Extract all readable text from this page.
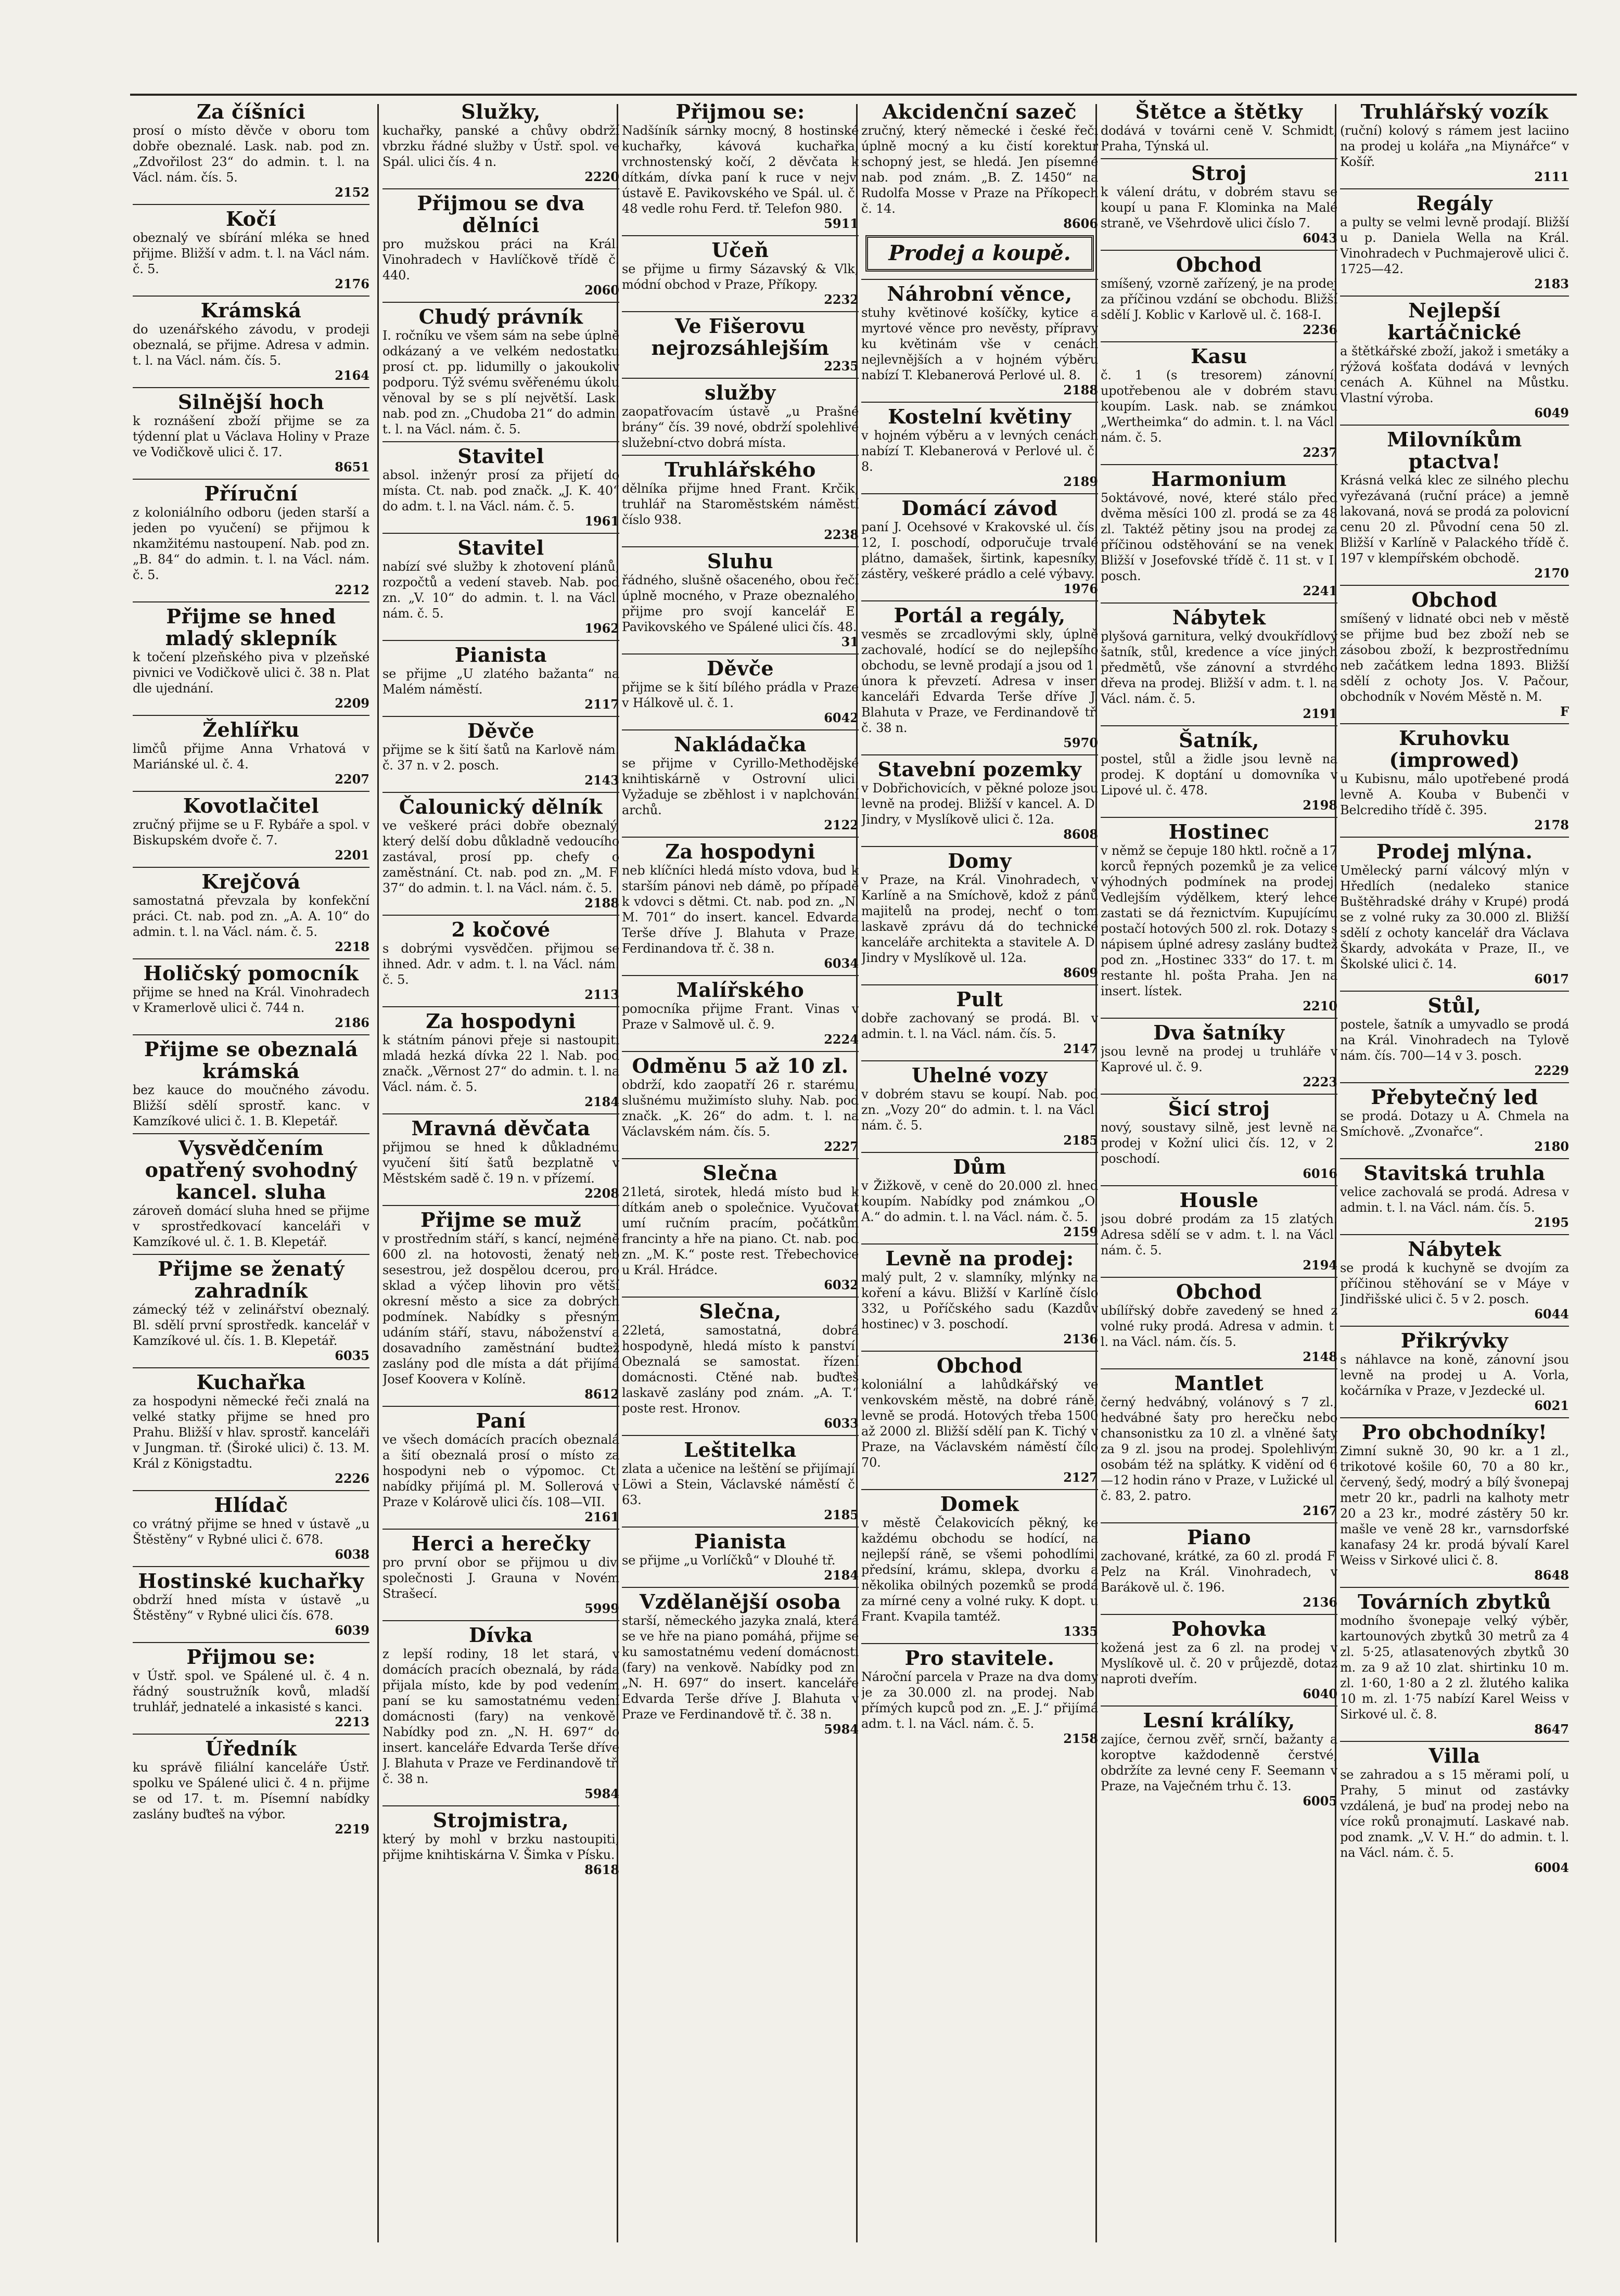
Za číšníci
prosí o místo děvče v oboru tom dobře obeznalé. Lask. nab. pod zn. „Zdvořilost 23“ do admin. t. l. na Václ. nám. čís. 5.
2152
Kočí
obeznalý ve sbírání mléka se hned přijme. Bližší v adm. t. l. na Václ nám. č. 5.
2176
Krámská
do uzenářského závodu, v prodeji obeznalá, se přijme. Adresa v admin. t. l. na Václ. nám. čís. 5.
2164
Silnější hoch
k roznášení zboží přijme se za týdenní plat u Václava Holiny v Praze ve Vodičkově ulici č. 17.
8651
Příruční
z koloniálního odboru (jeden starší a jeden po vyučení) se přijmou k nkamžitému nastoupení. Nab. pod zn. „B. 84“ do admin. t. l. na Václ. nám. č. 5.
2212
Přijme se hned mladý sklepník
k točení plzeňského piva v plzeňské pivnici ve Vodičkově ulici č. 38 n. Plat dle ujednání.
2209
Žehlířku
limčů přijme Anna Vrhatová v Mariánské ul. č. 4.
2207
Kovotlačitel
zručný přijme se u F. Rybáře a spol. v Biskupském dvoře č. 7.
2201
Krejčová
samostatná převzala by konfekční práci. Ct. nab. pod zn. „A. A. 10“ do admin. t. l. na Václ. nám. č. 5.
2218
Holičský pomocník
přijme se hned na Král. Vinohradech v Kramerlově ulici č. 744 n.
2186
Přijme se obeznalá krámská
bez kauce do moučného závodu. Bližší sdělí sprostř. kanc. v Kamzíkové ulici č. 1. B. Klepetář.
Vysvědčením opatřený svohodný kancel. sluha
zároveň domácí sluha hned se přijme v sprostředkovací kanceláři v Kamzíkové ul. č. 1. B. Klepetář.
Přijme se ženatý zahradník
zámecký též v zelinářství obeznalý. Bl. sdělí první sprostředk. kancelář v Kamzíkové ul. čís. 1. B. Klepetář.
6035
Kuchařka
za hospodyni německé řeči znalá na velké statky přijme se hned pro Prahu. Bližší v hlav. sprostř. kanceláři v Jungman. tř. (Široké ulici) č. 13. M. Král z Königstadtu.
2226
Hlídač
co vrátný přijme se hned v ústavě „u Štěstěny“ v Rybné ulici č. 678.
6038
Hostinské kuchařky
obdrží hned místa v ústavě „u Štěstěny“ v Rybné ulici čís. 678.
6039
Přijmou se:
v Ústř. spol. ve Spálené ul. č. 4 n. řádný soustružník kovů, mladší truhlář, jednatelé a inkasisté s kanci.
2213
Úředník
ku správě filiální kanceláře Ústř. spolku ve Spálené ulici č. 4 n. přijme se od 17. t. m. Písemní nabídky zaslány buďteš na výbor.
2219
Služky,
kuchařky, panské a chůvy obdrží vbrzku řádné služby v Ústř. spol. ve Spál. ulici čís. 4 n.
2220
Přijmou se dva dělníci
pro mužskou práci na Král. Vinohradech v Havlíčkově třídě č. 440.
2060
Chudý právník
I. ročníku ve všem sám na sebe úplně odkázaný a ve velkém nedostatku prosí ct. pp. lidumilly o jakoukoliv podporu. Týž svému svěřenému úkolu věnoval by se s plí největší. Lask. nab. pod zn. „Chudoba 21“ do admin. t. l. na Václ. nám. č. 5.
Stavitel
absol. inženýr prosí za přijetí do místa. Ct. nab. pod značk. „J. K. 40“ do adm. t. l. na Václ. nám. č. 5.
1961
Stavitel
nabízí své služby k zhotovení plánů, rozpočtů a vedení staveb. Nab. pod zn. „V. 10“ do admin. t. l. na Václ. nám. č. 5.
1962
Pianista
se přijme „U zlatého bažanta“ na Malém náměstí.
2117
Děvče
přijme se k šití šatů na Karlově nám. č. 37 n. v 2. posch.
2143
Čalounický dělník
ve veškeré práci dobře obeznalý, který delší dobu důkladně vedoucího zastával, prosí pp. chefy o zaměstnání. Ct. nab. pod zn. „M. F. 37“ do admin. t. l. na Václ. nám. č. 5.
2188
2 kočové
s dobrými vysvědčen. přijmou se ihned. Adr. v adm. t. l. na Václ. nám. č. 5.
2113
Za hospodyni
k státním pánovi přeje si nastoupiti mladá hezká dívka 22 l. Nab. pod značk. „Věrnost 27“ do admin. t. l. na Václ. nám. č. 5.
2184
Mravná děvčata
přijmou se hned k důkladnému vyučení šití šatů bezplatně v Městském sadě č. 19 n. v přízemí.
2208
Přijme se muž
v prostředním stáří, s kancí, nejméně 600 zl. na hotovosti, ženatý neb sesestrou, jež dospělou dcerou, pro sklad a výčep lihovin pro větší okresní město a sice za dobrých podmínek. Nabídky s přesným udáním stáří, stavu, náboženství a dosavadního zaměstnání budtež zaslány pod dle místa a dát přijímá Josef Koovera v Kolíně.
8612
Paní
ve všech domácích pracích obeznalá a šití obeznalá prosí o místo za hospodyni neb o výpomoc. Ct. nabídky přijímá pl. M. Sollerová v Praze v Kolárově ulici čís. 108—VII.
2161
Herci a herečky
pro první obor se přijmou u div. společnosti J. Grauna v Novém Strašecí.
5999
Dívka
z lepší rodiny, 18 let stará, v domácích pracích obeznalá, by ráda přijala místo, kde by pod vedením paní se ku samostatnému vedení domácnosti (fary) na venkově. Nabídky pod zn. „N. H. 697“ do insert. kanceláře Edvarda Terše dříve J. Blahuta v Praze ve Ferdinandově tř. č. 38 n.
5984
Strojmistra,
který by mohl v brzku nastoupiti, přijme knihtiskárna V. Šimka v Písku.
8618
Přijmou se:
Nadšíník sárnky mocný, 8 hostinské kuchařky, kávová kuchařka, vrchnostenský kočí, 2 děvčata k dítkám, dívka paní k ruce v nejv. ústavě E. Pavikovského ve Spál. ul. č. 48 vedle rohu Ferd. tř. Telefon 980.
5911
Učeň
se přijme u firmy Sázavský & Vlk, módní obchod v Praze, Příkopy.
2232
Ve Fišerovu nejrozsáhlejším
2235
služby
zaopatřovacím ústavě „u Prašné brány“ čís. 39 nové, obdrží spolehlivé služební-ctvo dobrá místa.
Truhlářského
dělníka přijme hned Frant. Krčik, truhlář na Staroměstském náměstí číslo 938.
2238
Sluhu
řádného, slušně ošaceného, obou řečí úplně mocného, v Praze obeznalého, přijme pro svojí kancelář E. Pavikovského ve Spálené ulici čís. 48.
31
Děvče
přijme se k šití bílého prádla v Praze v Hálkově ul. č. 1.
6042
Nakládačka
se přijme v Cyrillo-Methodějské knihtiskárně v Ostrovní ulici. Vyžaduje se zběhlost i v naplchování archů.
2122
Za hospodyni
neb klíčníci hledá místo vdova, bud k starším pánovi neb dámě, po případě k vdovci s dětmi. Ct. nab. pod zn. „N. M. 701“ do insert. kancel. Edvarda Terše dříve J. Blahuta v Praze, Ferdinandova tř. č. 38 n.
6034
Malířského
pomocníka přijme Frant. Vinas v Praze v Salmově ul. č. 9.
2224
Odměnu 5 až 10 zl.
obdrží, kdo zaopatří 26 r. starému, slušnému mužimísto sluhy. Nab. pod značk. „K. 26“ do adm. t. l. na Václavském nám. čís. 5.
2227
Slečna
21letá, sirotek, hledá místo bud k dítkám aneb o společnice. Vyučovat umí ručním pracím, počátkům francinty a hře na piano. Ct. nab. pod zn. „M. K.“ poste rest. Třebechovice u Král. Hrádce.
6032
Slečna,
22letá, samostatná, dobrá hospodyně, hledá místo k panství. Obeznalá se samostat. řízení domácnosti. Ctěné nab. buďteš laskavě zaslány pod znám. „A. T.“ poste rest. Hronov.
6033
Leštitelka
zlata a učenice na leštění se přijímají. Löwi a Stein, Václavské náměstí č. 63.
2185
Pianista
se přijme „u Vorlíčků“ v Dlouhé tř.
2184
Vzdělanější osoba
starší, německého jazyka znalá, která se ve hře na piano pomáhá, přijme se ku samostatnému vedení domácnosti (fary) na venkově. Nabídky pod zn. „N. H. 697“ do insert. kanceláře Edvarda Terše dříve J. Blahuta v Praze ve Ferdinandově tř. č. 38 n.
5984
Akcidenční sazeč
zručný, který německé i české řeči úplně mocný a ku čistí korektur schopný jest, se hledá. Jen písemné nab. pod znám. „B. Z. 1450“ na Rudolfa Mosse v Praze na Příkopech č. 14.
8606
Prodej a koupě.
Náhrobní věnce,
stuhy květinové košíčky, kytice a myrtové věnce pro nevěsty, přípravy ku květinám vše v cenách nejlevnějších a v hojném výběru nabízí T. Klebanerová Perlové ul. 8.
2188
Kostelní květiny
v hojném výběru a v levných cenách nabízí T. Klebanerová v Perlové ul. č. 8.
2189
Domácí závod
paní J. Ocehsové v Krakovské ul. čís. 12, I. poschodí, odporučuje trvalé plátno, damašek, širtink, kapesníky, zástěry, veškeré prádlo a celé výbavy.
1976
Portál a regály,
vesměs se zrcadlovými skly, úplně zachovalé, hodící se do nejlepšího obchodu, se levně prodají a jsou od 1. února k převzetí. Adresa v inser. kanceláři Edvarda Terše dříve J. Blahuta v Praze, ve Ferdinandově tř. č. 38 n.
5970
Stavební pozemky
v Dobřichovicích, v pěkné poloze jsou levně na prodej. Bližší v kancel. A. D. Jindry, v Myslíkově ulici č. 12a.
8608
Domy
v Praze, na Král. Vinohradech, v Karlíně a na Smíchově, kdož z pánů majitelů na prodej, nechť o tom laskavě zprávu dá do technické kanceláře architekta a stavitele A. D. Jindry v Myslíkově ul. 12a.
8609
Pult
dobře zachovaný se prodá. Bl. v admin. t. l. na Václ. nám. čís. 5.
2147
Uhelné vozy
v dobrém stavu se koupí. Nab. pod zn. „Vozy 20“ do admin. t. l. na Václ. nám. č. 5.
2185
Dům
v Žižkově, v ceně do 20.000 zl. hned koupím. Nabídky pod známkou „O. A.“ do admin. t. l. na Václ. nám. č. 5.
2159
Levně na prodej:
malý pult, 2 v. slamníky, mlýnky na koření a kávu. Bližší v Karlíně číslo 332, u Poříčského sadu (Kazdův hostinec) v 3. poschodí.
2136
Obchod
koloniální a lahůdkářský ve venkovském městě, na dobré ráně, levně se prodá. Hotových třeba 1500 až 2000 zl. Bližší sdělí pan K. Tichý v Praze, na Václavském náměstí čílo 70.
2127
Domek
v městě Čelakovicích pěkný, ke každému obchodu se hodící, na nejlepší ráně, se všemi pohodlími, předsíní, krámu, sklepa, dvorku a několika obilných pozemků se prodá za mírné ceny a volné ruky. K dopt. u Frant. Kvapila tamtéž.
1335
Pro stavitele.
Nároční parcela v Praze na dva domy je za 30.000 zl. na prodej. Nab. přímých kupců pod zn. „E. J.“ přijímá adm. t. l. na Václ. nám. č. 5.
2158
Štětce a štětky
dodává v továrni ceně V. Schmidt, Praha, Týnská ul.
Stroj
k válení drátu, v dobrém stavu se koupí u pana F. Klominka na Malé straně, ve Všehrdově ulici číslo 7.
6043
Obchod
smíšený, vzorně zařízený, je na prodej za příčinou vzdání se obchodu. Bližší sdělí J. Koblic v Karlově ul. č. 168-I.
2236
Kasu
č. 1 (s tresorem) zánovní, upotřebenou ale v dobrém stavu koupím. Lask. nab. se známkou „Wertheimka“ do admin. t. l. na Václ. nám. č. 5.
2237
Harmonium
5oktávové, nové, které stálo před dvěma měsíci 100 zl. prodá se za 48 zl. Taktéž pětiny jsou na prodej za příčinou odstěhování se na venek. Bližší v Josefovské třídě č. 11 st. v I. posch.
2241
Nábytek
plyšová garnitura, velký dvoukřídlový šatník, stůl, kredence a více jiných předmětů, vše zánovní a stvrdého dřeva na prodej. Bližší v adm. t. l. na Václ. nám. č. 5.
2191
Šatník,
postel, stůl a židle jsou levně na prodej. K doptání u domovníka v Lipové ul. č. 478.
2198
Hostinec
v němž se čepuje 180 hktl. ročně a 17 korců řepných pozemků je za velice výhodných podmínek na prodej. Vedlejším výdělkem, který lehce zastati se dá řeznictvím. Kupujícímu postačí hotových 500 zl. rok. Dotazy s nápisem úplné adresy zaslány budtež pod zn. „Hostinec 333“ do 17. t. m. restante hl. pošta Praha. Jen na insert. lístek.
2210
Dva šatníky
jsou levně na prodej u truhláře v Kaprové ul. č. 9.
2223
Šicí stroj
nový, soustavy silně, jest levně na prodej v Kožní ulici čís. 12, v 2. poschodí.
6016
Housle
jsou dobré prodám za 15 zlatých. Adresa sdělí se v adm. t. l. na Václ. nám. č. 5.
2194
Obchod
ubílířský dobře zavedený se hned z volné ruky prodá. Adresa v admin. t. l. na Václ. nám. čís. 5.
2148
Mantlet
černý hedvábný, volánový s 7 zl., hedvábné šaty pro herečku nebo chansonistku za 10 zl. a vlněné šaty za 9 zl. jsou na prodej. Spolehlivým osobám též na splátky. K vidění od 6—12 hodin ráno v Praze, v Lužické ul. č. 83, 2. patro.
2167
Piano
zachované, krátké, za 60 zl. prodá F. Pelz na Král. Vinohradech, v Barákově ul. č. 196.
2136
Pohovka
kožená jest za 6 zl. na prodej v Myslíkově ul. č. 20 v průjezdě, dotaz naproti dveřím.
6040
Lesní králíky,
zajíce, černou zvěř, srnčí, bažanty a koroptve každodenně čerstvé, obdržíte za levné ceny F. Seemann v Praze, na Vaječném trhu č. 13.
6005
Truhlářský vozík
(ruční) kolový s rámem jest laciino na prodej u kolářa „na Miynářce“ v Košíř.
2111
Regály
a pulty se velmi levně prodají. Bližší u p. Daniela Wella na Král. Vinohradech v Puchmajerově ulici č. 1725—42.
2183
Nejlepší kartáčnické
a štětkářské zboží, jakož i smetáky a rýžová košťata dodává v levných cenách A. Kühnel na Můstku. Vlastní výroba.
6049
Milovníkům ptactva!
Krásná velká klec ze silného plechu vyřezávaná (ruční práce) a jemně lakovaná, nová se prodá za polovicní cenu 20 zl. Původní cena 50 zl. Bližší v Karlíně v Palackého třídě č. 197 v klempířském obchodě.
2170
Obchod
smíšený v lidnaté obci neb v městě se přijme bud bez zboží neb se zásobou zboží, k bezprostřednímu neb začátkem ledna 1893. Bližší sdělí z ochoty Jos. V. Pačour, obchodník v Novém Městě n. M.
F
Kruhovku (improwed)
u Kubisnu, málo upotřebené prodá levně A. Kouba v Bubenči v Belcrediho třídě č. 395.
2178
Prodej mlýna.
Umělecký parní válcový mlýn v Hředlích (nedaleko stanice Buštěhradské dráhy v Krupé) prodá se z volné ruky za 30.000 zl. Bližší sdělí z ochoty kancelář dra Václava Škardy, advokáta v Praze, II., ve Školské ulici č. 14.
6017
Stůl,
postele, šatník a umyvadlo se prodá na Král. Vinohradech na Tylově nám. čís. 700—14 v 3. posch.
2229
Přebytečný led
se prodá. Dotazy u A. Chmela na Smíchově. „Zvonařce“.
2180
Stavitská truhla
velice zachovalá se prodá. Adresa v admin. t. l. na Václ. nám. čís. 5.
2195
Nábytek
se prodá k kuchyně se dvojím za příčinou stěhování se v Máye v Jindřišské ulici č. 5 v 2. posch.
6044
Přikrývky
s náhlavce na koně, zánovní jsou levně na prodej u A. Vorla, kočárníka v Praze, v Jezdecké ul.
6021
Pro obchodníky!
Zimní sukně 30, 90 kr. a 1 zl., trikotové košile 60, 70 a 80 kr., červený, šedý, modrý a bílý švonepaj metr 20 kr., padrli na kalhoty metr 20 a 23 kr., modré zástěry 50 kr. mašle ve veně 28 kr., varnsdorfské kanafasy 24 kr. prodá bývalí Karel Weiss v Sirkové ulici č. 8.
8648
Továrních zbytků
modního švonepaje velký výběr, kartounových zbytků 30 metrů za 4 zl. 5·25, atlasatenových zbytků 30 m. za 9 až 10 zlat. shirtinku 10 m. zl. 1·60, 1·80 a 2 zl. žlutého kalika 10 m. zl. 1·75 nabízí Karel Weiss v Sirkové ul. č. 8.
8647
Villa
se zahradou a s 15 měrami polí, u Prahy, 5 minut od zastávky vzdálená, je buď na prodej nebo na více roků pronajmutí. Laskavé nab. pod znamk. „V. V. H.“ do admin. t. l. na Václ. nám. č. 5.
6004
